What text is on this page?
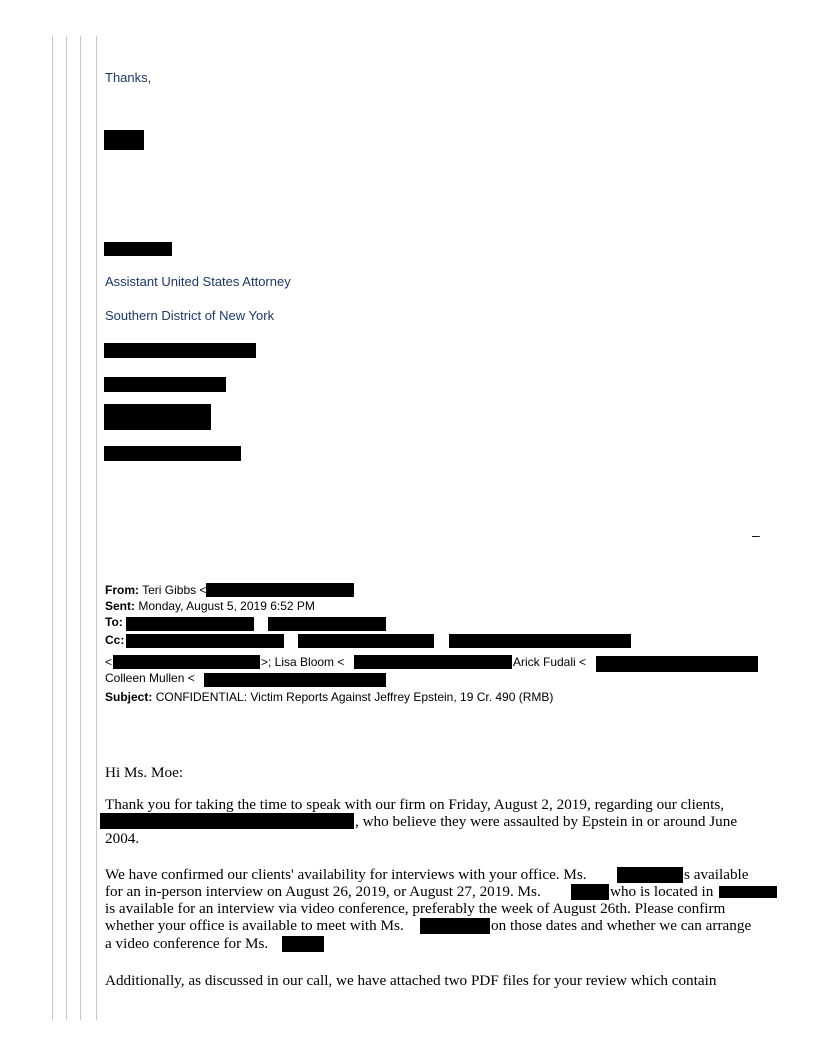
Thanks,
Assistant United States Attorney
Southern District of New York
–
From: Teri Gibbs <
Sent: Monday, August 5, 2019 6:52 PM
To:
Cc:
<	>; Lisa Bloom <	Arick Fudali <
Colleen Mullen <
Subject: CONFIDENTIAL: Victim Reports Against Jeffrey Epstein, 19 Cr. 490 (RMB)
Hi Ms. Moe:
Thank you for taking the time to speak with our firm on Friday, August 2, 2019, regarding our clients,
, who believe they were assaulted by Epstein in or around June
2004.
We have confirmed our clients' availability for interviews with your office. Ms.	s available
for an in-person interview on August 26, 2019, or August 27, 2019. Ms.	who is located in
is available for an interview via video conference, preferably the week of August 26th. Please confirm
whether your office is available to meet with Ms.	on those dates and whether we can arrange
a video conference for Ms.
Additionally, as discussed in our call, we have attached two PDF files for your review which contain
